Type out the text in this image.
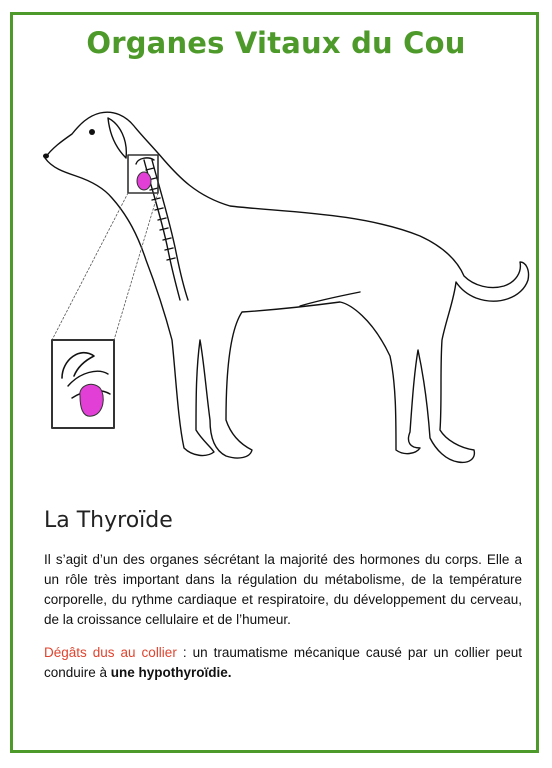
Organes Vitaux du Cou
La Thyroïde
Il s’agit d’un des organes sécrétant la majorité des hormones du corps. Elle a un rôle très important dans la régulation du métabolisme, de la température corporelle, du rythme cardiaque et respiratoire, du développement du cerveau, de la croissance cellulaire et de l’humeur.
Dégâts dus au collier : un traumatisme mécanique causé par un collier peut conduire à une hypothyroïdie.
